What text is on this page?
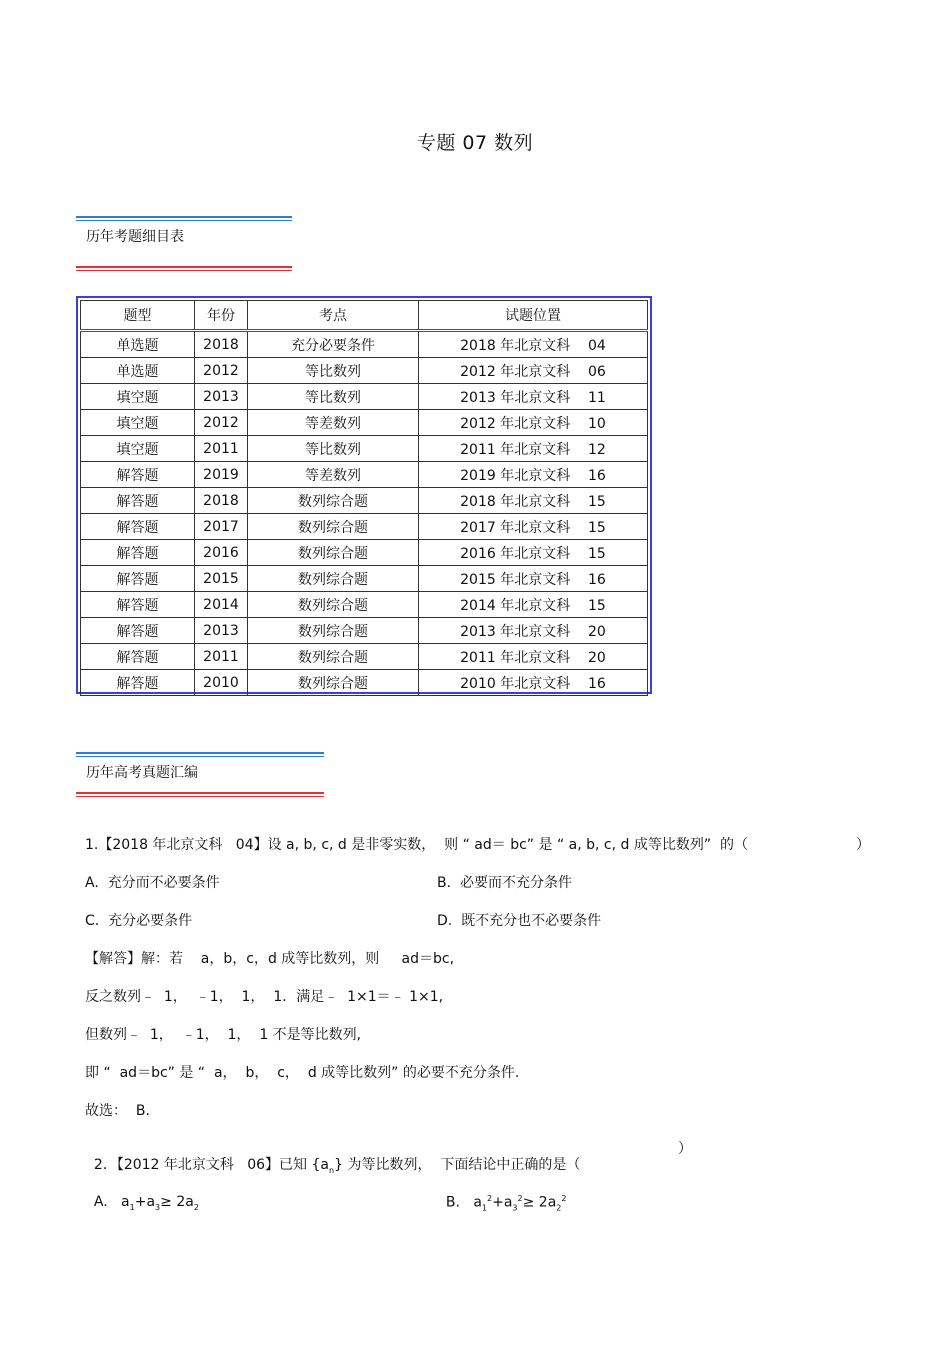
专题 07 数列
历年考题细目表
题型	年份	考点	试题位置
单选题	2018	充分必要条件	2018 年北京文科    04
单选题	2012	等比数列	2012 年北京文科    06
填空题	2013	等比数列	2013 年北京文科    11
填空题	2012	等差数列	2012 年北京文科    10
填空题	2011	等比数列	2011 年北京文科    12
解答题	2019	等差数列	2019 年北京文科    16
解答题	2018	数列综合题	2018 年北京文科    15
解答题	2017	数列综合题	2017 年北京文科    15
解答题	2016	数列综合题	2016 年北京文科    15
解答题	2015	数列综合题	2015 年北京文科    16
解答题	2014	数列综合题	2014 年北京文科    15
解答题	2013	数列综合题	2013 年北京文科    20
解答题	2011	数列综合题	2011 年北京文科    20
解答题	2010	数列综合题	2010 年北京文科    16
历年高考真题汇编
1.【2018 年北京文科   04】设 a, b, c, d 是非零实数，  则 “ ad＝ bc” 是 “ a, b, c, d 成等比数列”  的（	）
A.  充分而不必要条件	B.  必要而不充分条件
C.  充分必要条件	D.  既不充分也不必要条件
【解答】解：若    a，b，c，d 成等比数列，则     ad＝bc,
反之数列﹣  1，  ﹣1，  1，  1．满足﹣  1×1＝﹣ 1×1,
但数列﹣  1，  ﹣1，  1，  1 不是等比数列,
即 “  ad＝bc” 是 “  a，  b，  c，  d 成等比数列” 的必要不充分条件.
故选：  B.

2．【2012 年北京文科   06】已知 $\{a_n\}$ 为等比数列，  下面结论中正确的是（

）

A. $a_1+a_3\ge 2a_2$	B. $a_1^2+a_3^2\ge 2a_2^2$
